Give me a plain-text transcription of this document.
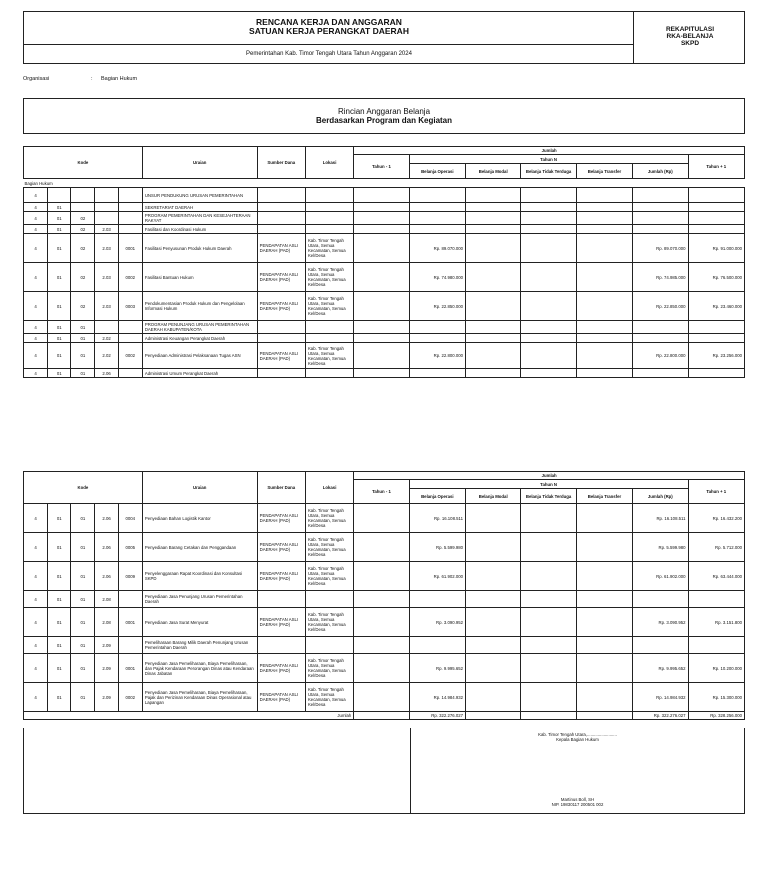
RENCANA KERJA DAN ANGGARAN
SATUAN KERJA PERANGKAT DAERAH
Pemerintahan Kab. Timor Tengah Utara Tahun Anggaran 2024
REKAPITULASI
RKA-BELANJA
SKPD
Organisasi	: Bagian Hukum
Rincian Anggaran Belanja
Berdasarkan Program dan Kegiatan
Kode					Uraian	Sumber Dana	Lokasi	Jumlah						
								Tahun - 1	Tahun N					Tahun + 1
									Belanja Operasi	Belanja Modal	Belanja Tidak Terduga	Belanja Transfer	Jumlah (Rp)	
Bagian Hukum														
4					UNSUR PENDUKUNG URUSAN PEMERINTAHAN									
4	01				SEKRETARIAT DAERAH									
4	01	02			PROGRAM PEMERINTAHAN DAN KESEJAHTERAAN RAKYAT									
4	01	02	2.03		Fasilitasi dan Koordinasi Hukum									
4	01	02	2.03	0001	Fasilitasi Penyusunan Produk Hukum Daerah	PENDAPATAN ASLI DAERAH (PAD)	Kab. Timor Tengah Utara, Semua Kecamatan, Semua Kel/Desa		Rp. 89.070.000				Rp. 89.070.000	Rp. 91.000.000
4	01	02	2.03	0002	Fasilitasi Bantuan Hukum	PENDAPATAN ASLI DAERAH (PAD)	Kab. Timor Tengah Utara, Semua Kecamatan, Semua Kel/Desa		Rp. 74.980.000				Rp. 74.985.000	Rp. 76.500.000
4	01	02	2.03	0003	Pendokumentasian Produk Hukum dan Pengelolaan Informasi Hukum	PENDAPATAN ASLI DAERAH (PAD)	Kab. Timor Tengah Utara, Semua Kecamatan, Semua Kel/Desa		Rp. 22.850.000				Rp. 22.850.000	Rp. 23.460.000
4	01	01			PROGRAM PENUNJANG URUSAN PEMERINTAHAN DAERAH KABUPATEN/KOTA									
4	01	01	2.02		Administrasi Keuangan Perangkat Daerah									
4	01	01	2.02	0002	Penyediaan Administrasi Pelaksanaan Tugas ASN	PENDAPATAN ASLI DAERAH (PAD)	Kab. Timor Tengah Utara, Semua Kecamatan, Semua Kel/Desa		Rp. 22.800.000				Rp. 22.800.000	Rp. 23.256.000
4	01	01	2.06		Administrasi Umum Perangkat Daerah									
Kode					Uraian	Sumber Dana	Lokasi	Jumlah						
								Tahun - 1	Tahun N					Tahun + 1
									Belanja Operasi	Belanja Modal	Belanja Tidak Terduga	Belanja Transfer	Jumlah (Rp)	
4	01	01	2.06	0004	Penyediaan Bahan Logistik Kantor	PENDAPATAN ASLI DAERAH (PAD)	Kab. Timor Tengah Utara, Semua Kecamatan, Semua Kel/Desa		Rp. 16.108.511				Rp. 16.108.511	Rp. 16.432.200
4	01	01	2.06	0005	Penyediaan Barang Cetakan dan Penggandaan	PENDAPATAN ASLI DAERAH (PAD)	Kab. Timor Tengah Utara, Semua Kecamatan, Semua Kel/Desa		Rp. 5.599.980				Rp. 5.599.980	Rp. 5.712.000
4	01	01	2.06	0009	Penyelenggaraan Rapat Koordinasi dan Konsultasi SKPD	PENDAPATAN ASLI DAERAH (PAD)	Kab. Timor Tengah Utara, Semua Kecamatan, Semua Kel/Desa		Rp. 61.902.000				Rp. 61.902.000	Rp. 63.444.000
4	01	01	2.08		Penyediaan Jasa Penunjang Urusan Pemerintahan Daerah									
4	01	01	2.08	0001	Penyediaan Jasa Surat Menyurat	PENDAPATAN ASLI DAERAH (PAD)	Kab. Timor Tengah Utara, Semua Kecamatan, Semua Kel/Desa		Rp. 3.090.952				Rp. 3.090.952	Rp. 3.151.800
4	01	01	2.09		Pemeliharaan Barang Milik Daerah Penunjang Urusan Pemerintahan Daerah									
4	01	01	2.09	0001	Penyediaan Jasa Pemeliharaan, Biaya Pemeliharaan, dan Pajak Kendaraan Perorangan Dinas atau Kendaraan Dinas Jabatan	PENDAPATAN ASLI DAERAH (PAD)	Kab. Timor Tengah Utara, Semua Kecamatan, Semua Kel/Desa		Rp. 9.995.652				Rp. 9.995.652	Rp. 10.200.000
4	01	01	2.09	0002	Penyediaan Jasa Pemeliharaan, Biaya Pemeliharaan, Pajak dan Perizinan Kendaraan Dinas Operasional atau Lapangan	PENDAPATAN ASLI DAERAH (PAD)	Kab. Timor Tengah Utara, Semua Kecamatan, Semua Kel/Desa		Rp. 14.984.932				Rp. 14.984.932	Rp. 15.300.000
Jumlah									Rp. 322.276.027				Rp. 322.276.027	Rp. 328.256.000
Kab. Timor Tengah Utara,.........................
Kepala Bagian Hukum
Martinus Boll, SH
NIP. 19830117 200501 002
